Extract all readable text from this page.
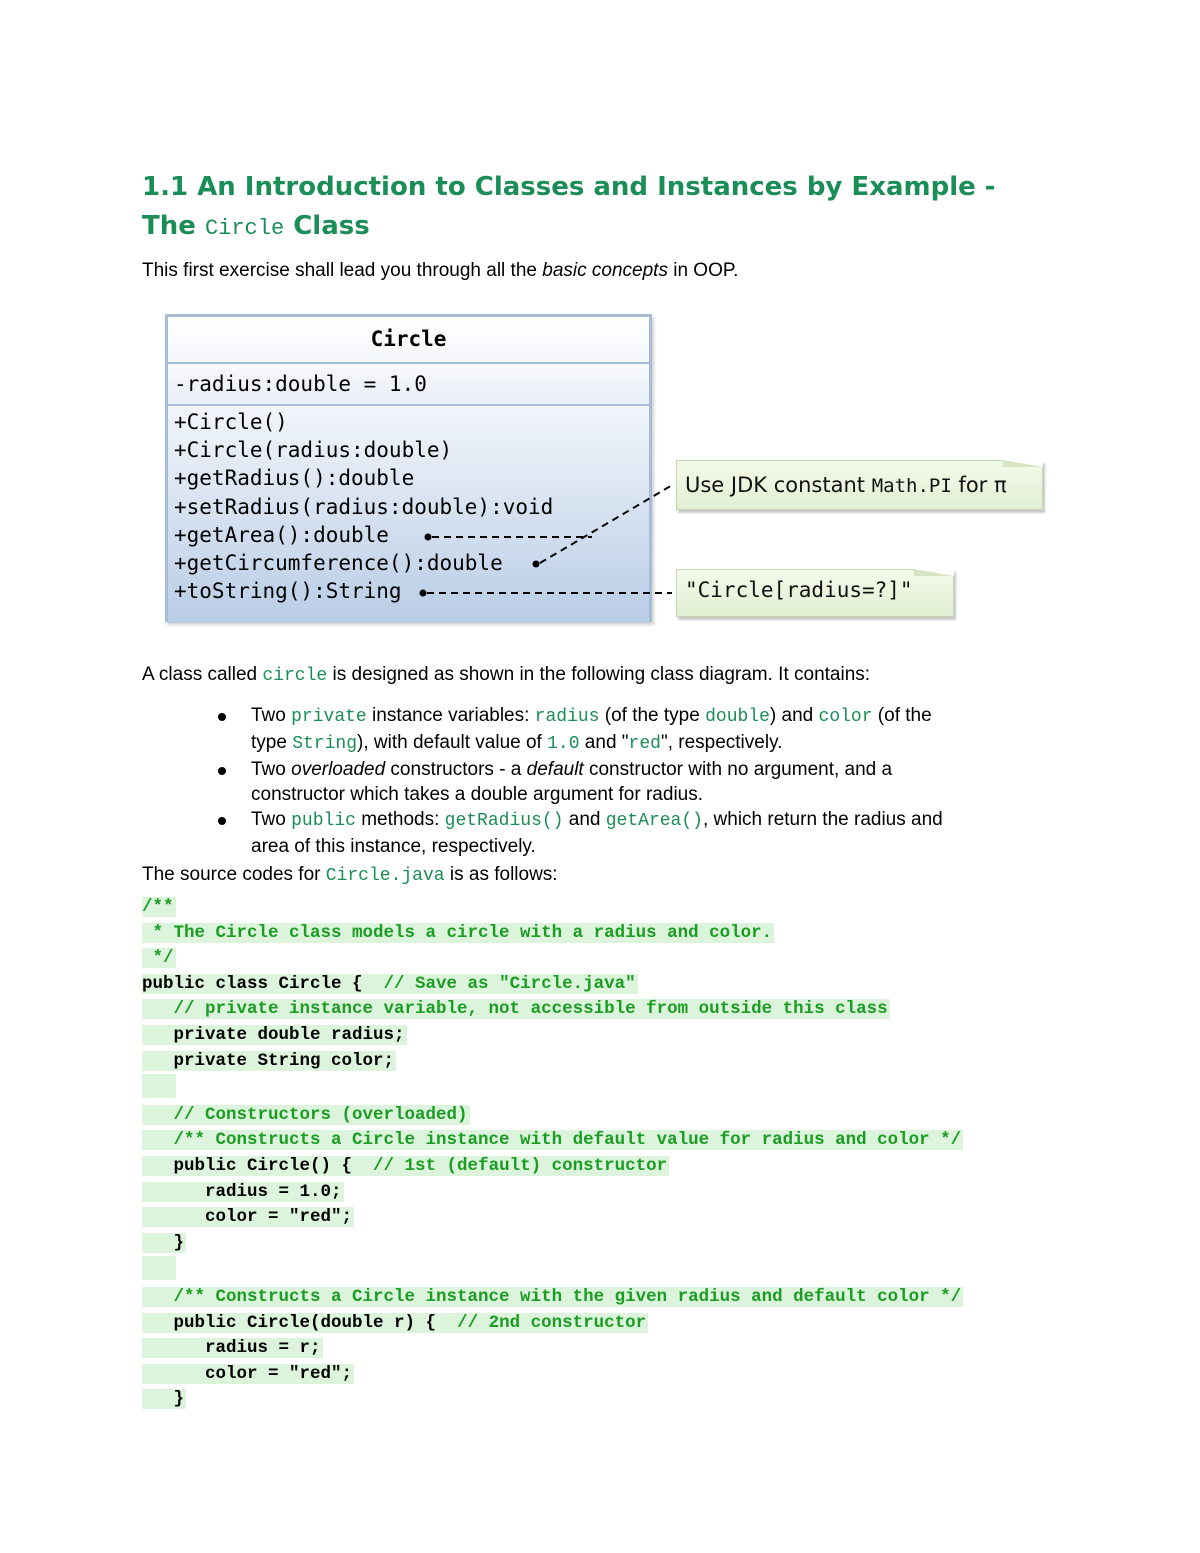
1.1 An Introduction to Classes and Instances by Example -
The Circle Class

This first exercise shall lead you through all the basic concepts in OOP.

Circle
-radius:double = 1.0
+Circle()
+Circle(radius:double)
+getRadius():double
+setRadius(radius:double):void
+getArea():double
+getCircumference():double
+toString():String
Use JDK constant Math.PI for π
"Circle[radius=?]"

A class called circle is designed as shown in the following class diagram. It contains:

Two private instance variables: radius (of the type double) and color (of the
type String), with default value of 1.0 and "red", respectively.
Two overloaded constructors - a default constructor with no argument, and a
constructor which takes a double argument for radius.
Two public methods: getRadius() and getArea(), which return the radius and
area of this instance, respectively.

The source codes for Circle.java is as follows:

/**
* The Circle class models a circle with a radius and color.
*/
public class Circle {  // Save as "Circle.java"
// private instance variable, not accessible from outside this class
private double radius;
private String color;
// Constructors (overloaded)
/** Constructs a Circle instance with default value for radius and color */
public Circle() {  // 1st (default) constructor
radius = 1.0;
color = "red";
}
/** Constructs a Circle instance with the given radius and default color */
public Circle(double r) {  // 2nd constructor
radius = r;
color = "red";
}
